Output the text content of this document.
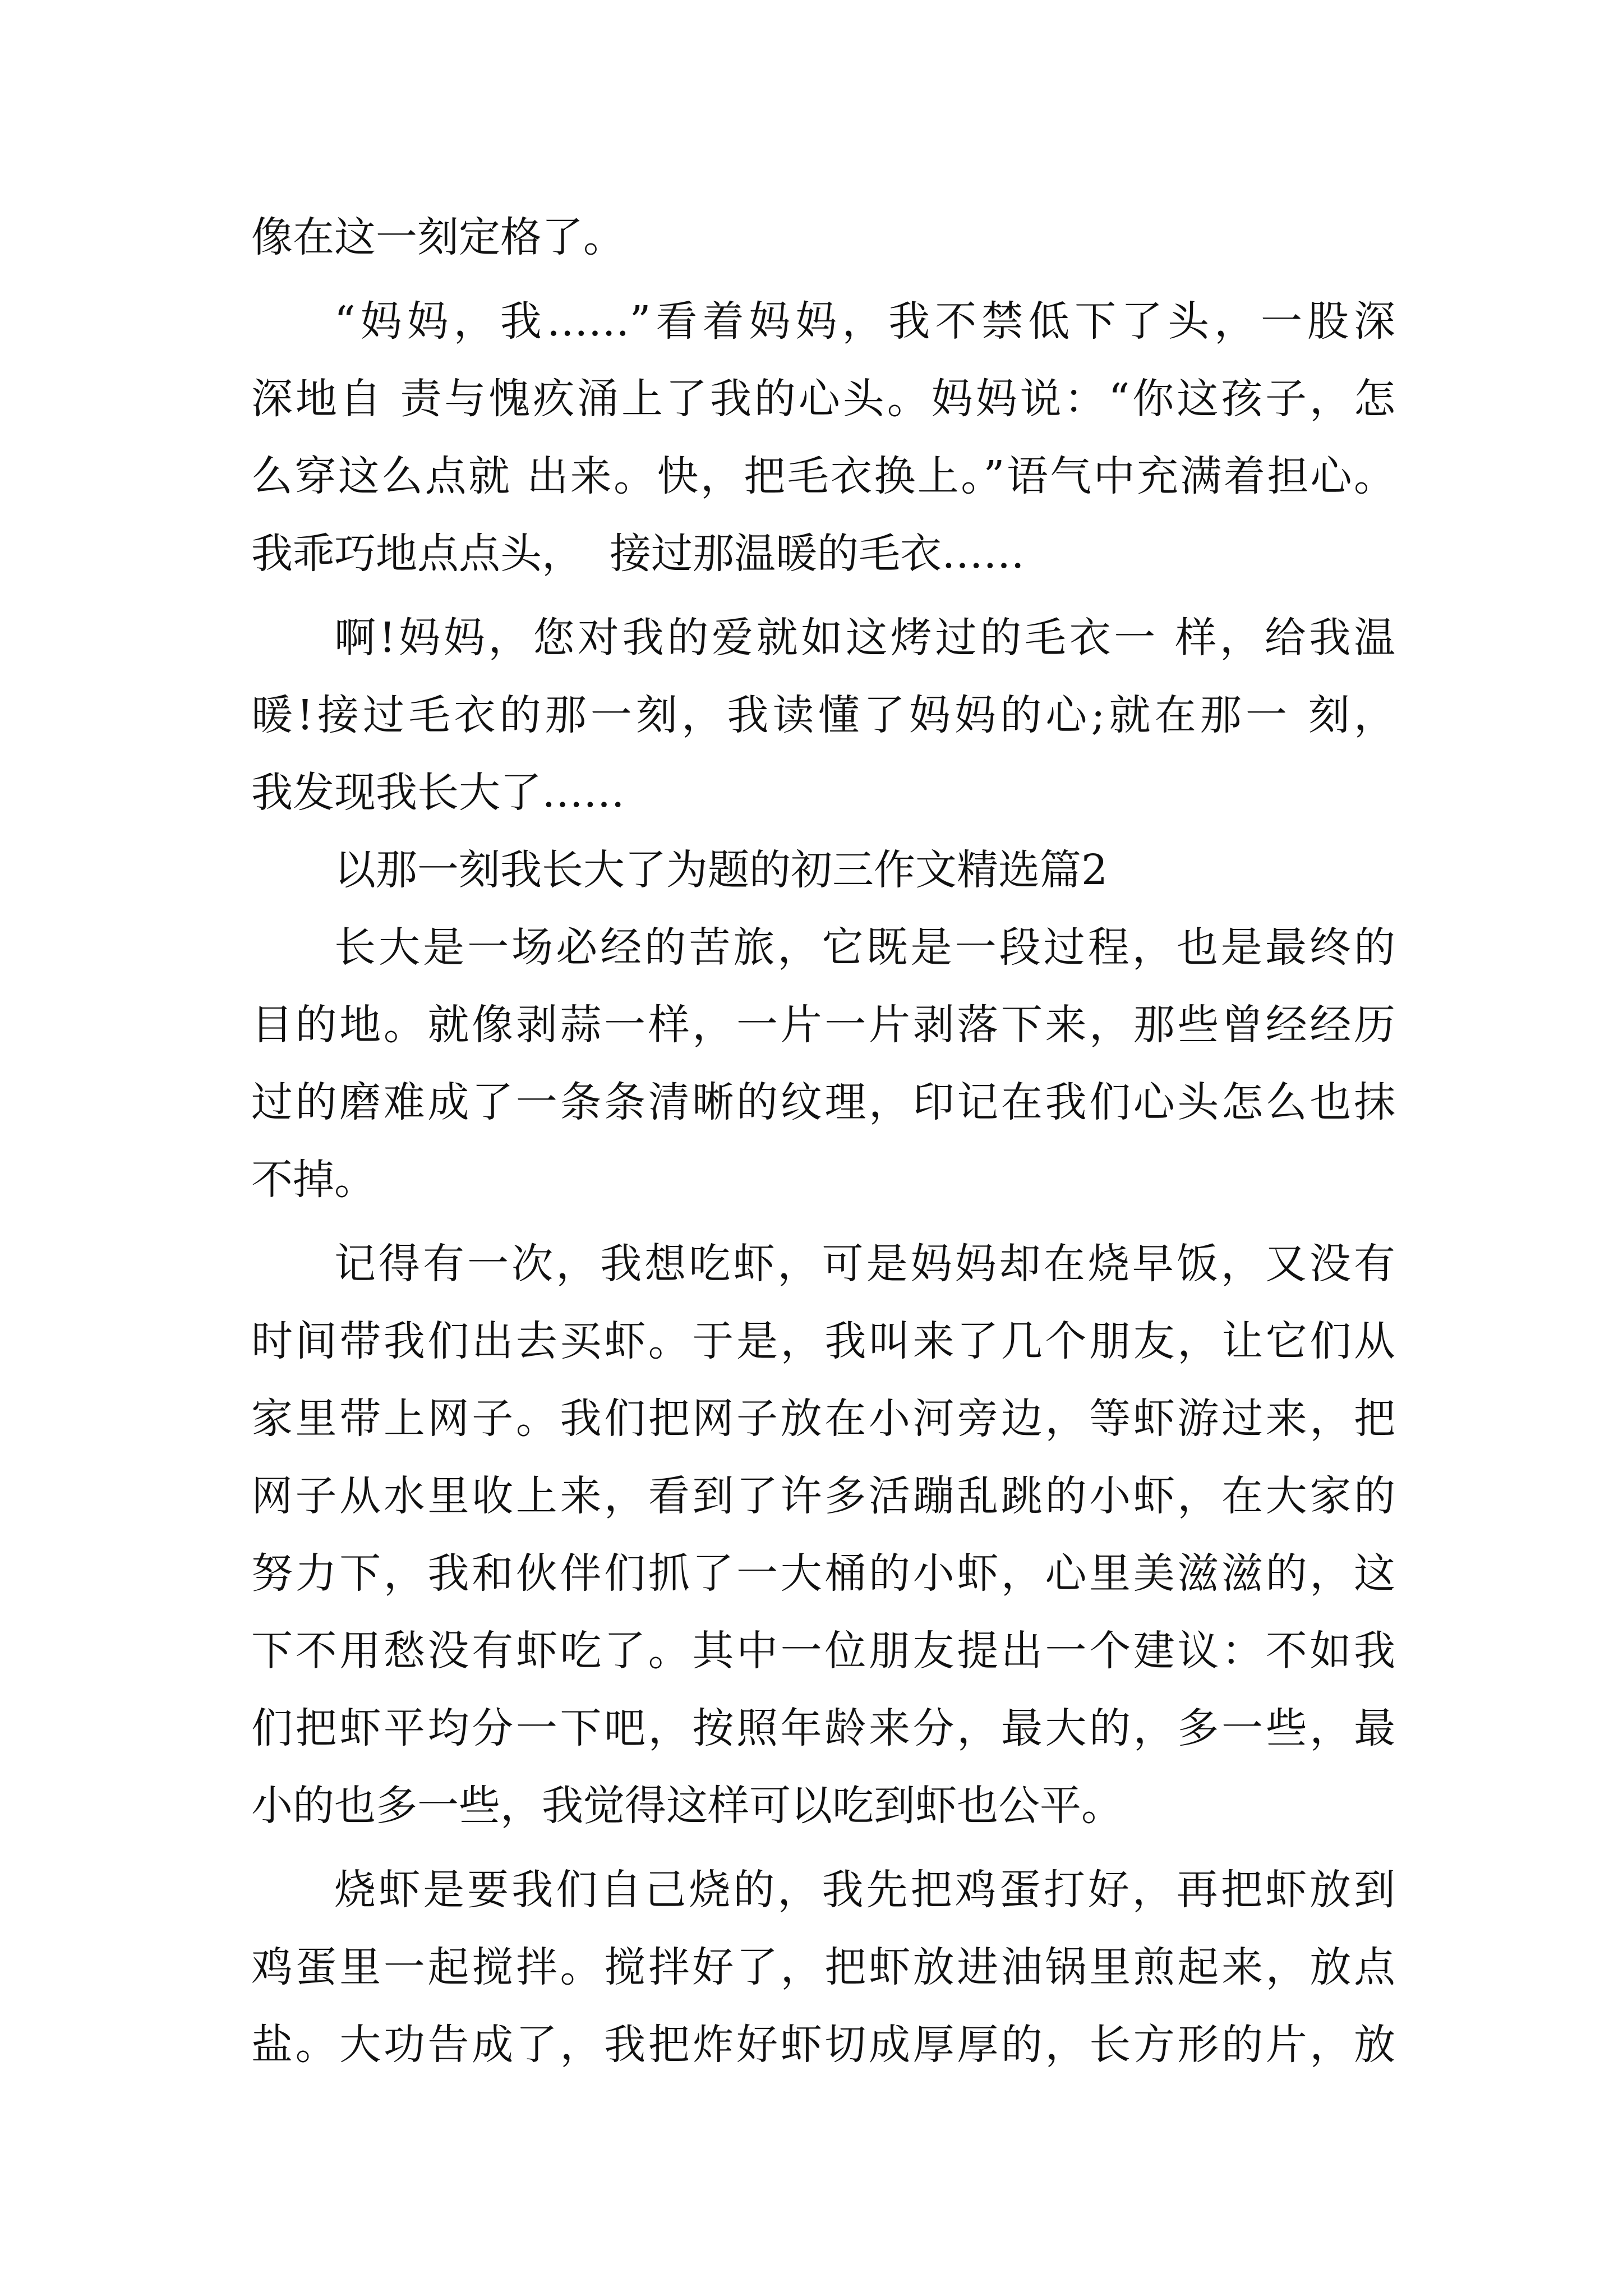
像在这一刻定格了。
“妈妈，我……”看着妈妈，我不禁低下了头，一股深
深地自 责与愧疚涌上了我的心头。妈妈说：“你这孩子，怎
么穿这么点就 出来。快，把毛衣换上。”语气中充满着担心。
我乖巧地点点头，  接过那温暖的毛衣……
啊!妈妈，您对我的爱就如这烤过的毛衣一 样，给我温
暖!接过毛衣的那一刻，我读懂了妈妈的心;就在那一 刻，
我发现我长大了……
以那一刻我长大了为题的初三作文精选篇2
长大是一场必经的苦旅，它既是一段过程，也是最终的
目的地。就像剥蒜一样，一片一片剥落下来，那些曾经经历
过的磨难成了一条条清晰的纹理，印记在我们心头怎么也抹
不掉。
记得有一次，我想吃虾，可是妈妈却在烧早饭，又没有
时间带我们出去买虾。于是，我叫来了几个朋友，让它们从
家里带上网子。我们把网子放在小河旁边，等虾游过来，把
网子从水里收上来，看到了许多活蹦乱跳的小虾，在大家的
努力下，我和伙伴们抓了一大桶的小虾，心里美滋滋的，这
下不用愁没有虾吃了。其中一位朋友提出一个建议：不如我
们把虾平均分一下吧，按照年龄来分，最大的，多一些，最
小的也多一些，我觉得这样可以吃到虾也公平。
烧虾是要我们自己烧的，我先把鸡蛋打好，再把虾放到
鸡蛋里一起搅拌。搅拌好了，把虾放进油锅里煎起来，放点
盐。大功告成了，我把炸好虾切成厚厚的，长方形的片，放
